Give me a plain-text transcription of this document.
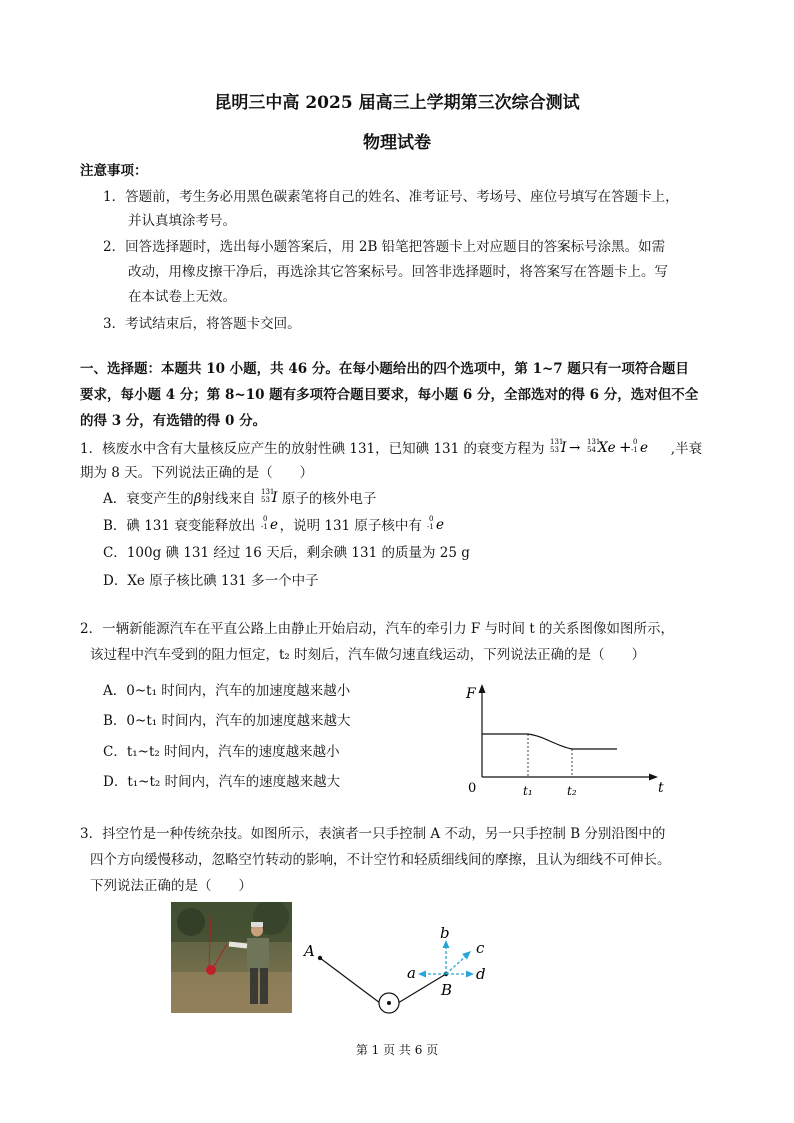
昆明三中高 2025 届高三上学期第三次综合测试
物理试卷
注意事项：
1．答题前，考生务必用黑色碳素笔将自己的姓名、准考证号、考场号、座位号填写在答题卡上，
并认真填涂考号。
2．回答选择题时，选出每小题答案后，用 2B 铅笔把答题卡上对应题目的答案标号涂黑。如需
改动，用橡皮擦干净后，再选涂其它答案标号。回答非选择题时，将答案写在答题卡上。写
在本试卷上无效。
3．考试结束后，将答题卡交回。
一、选择题：本题共 10 小题，共 46 分。在每小题给出的四个选项中，第 1~7 题只有一项符合题目
要求，每小题 4 分；第 8~10 题有多项符合题目要求，每小题 6 分，全部选对的得 6 分，选对但不全
的得 3 分，有选错的得 0 分。
1．核废水中含有大量核反应产生的放射性碘 131，已知碘 131 的衰变方程为 131
53 I → 131
54 Xe + 0
-1 e ,半衰
期为 8 天。下列说法正确的是（　　）
A．衰变产生的β射线来自 131
53 I 原子的核外电子
B．碘 131 衰变能释放出 0
-1 e ，说明 131 原子核中有 0
-1 e
C．100g 碘 131 经过 16 天后，剩余碘 131 的质量为 25 g
D．Xe 原子核比碘 131 多一个中子
2．一辆新能源汽车在平直公路上由静止开始启动，汽车的牵引力 F 与时间 t 的关系图像如图所示，
该过程中汽车受到的阻力恒定，t₂ 时刻后，汽车做匀速直线运动，下列说法正确的是（　　）
A．0~t₁ 时间内，汽车的加速度越来越小
B．0~t₁ 时间内，汽车的加速度越来越大
C．t₁~t₂ 时间内，汽车的速度越来越小
D．t₁~t₂ 时间内，汽车的速度越来越大
F
t
0	t₁	t₂
3．抖空竹是一种传统杂技。如图所示，表演者一只手控制 A 不动，另一只手控制 B 分别沿图中的
四个方向缓慢移动，忽略空竹转动的影响，不计空竹和轻质细线间的摩擦，且认为细线不可伸长。
下列说法正确的是（　　）
A
B
a
b
c
d
第 1 页 共 6 页
